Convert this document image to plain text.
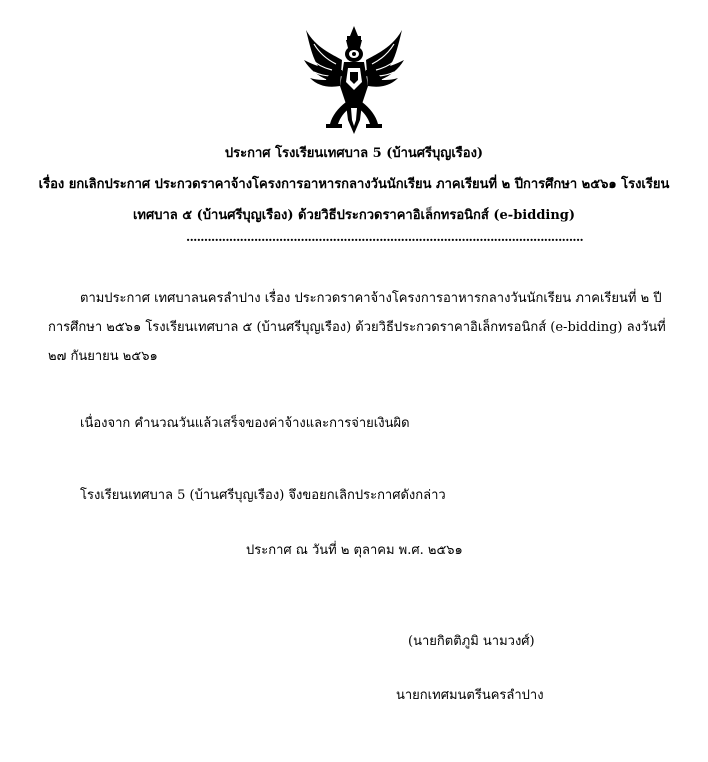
ประกาศ โรงเรียนเทศบาล 5 (บ้านศรีบุญเรือง)
เรื่อง ยกเลิกประกาศ ประกวดราคาจ้างโครงการอาหารกลางวันนักเรียน ภาคเรียนที่ ๒ ปีการศึกษา ๒๕๖๑ โรงเรียน
เทศบาล ๕ (บ้านศรีบุญเรือง) ด้วยวิธีประกวดราคาอิเล็กทรอนิกส์ (e-bidding)
...............................................................................................................
ตามประกาศ เทศบาลนครลำปาง เรื่อง ประกวดราคาจ้างโครงการอาหารกลางวันนักเรียน ภาคเรียนที่ ๒ ปี
การศึกษา ๒๕๖๑ โรงเรียนเทศบาล ๕ (บ้านศรีบุญเรือง) ด้วยวิธีประกวดราคาอิเล็กทรอนิกส์ (e-bidding) ลงวันที่
๒๗ กันยายน ๒๕๖๑
เนื่องจาก คำนวณวันแล้วเสร็จของค่าจ้างและการจ่ายเงินผิด
โรงเรียนเทศบาล 5 (บ้านศรีบุญเรือง) จึงขอยกเลิกประกาศดังกล่าว
ประกาศ ณ วันที่ ๒ ตุลาคม พ.ศ. ๒๕๖๑
(นายกิตติภูมิ นามวงศ์)
นายกเทศมนตรีนครลำปาง
